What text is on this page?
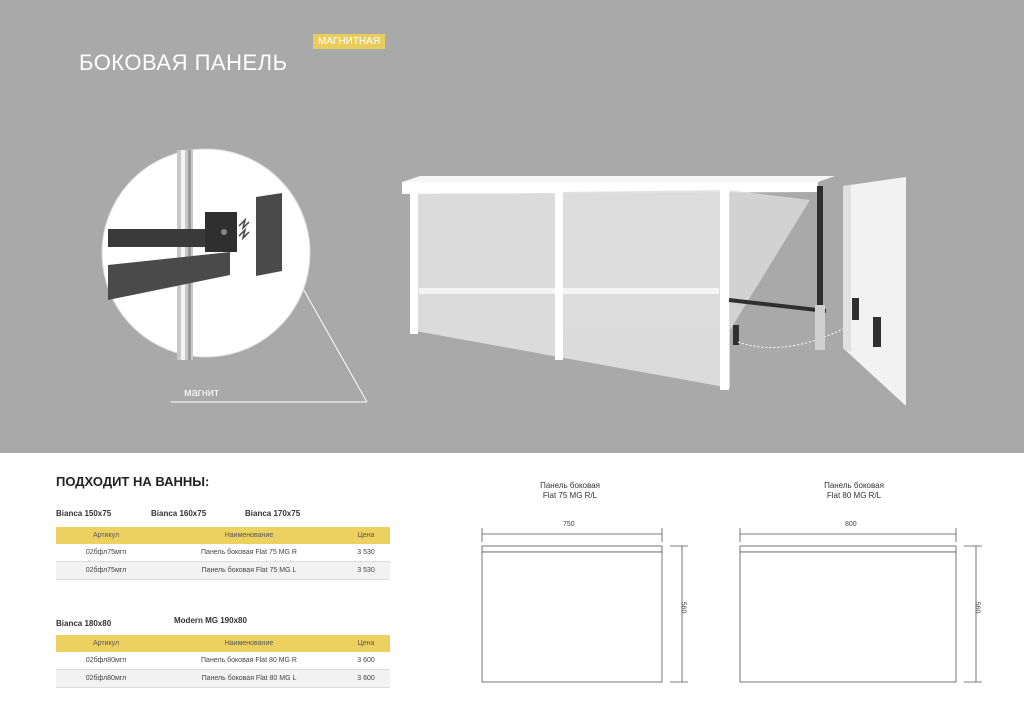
МАГНИТНАЯ
БОКОВАЯ ПАНЕЛЬ
магнит
ПОДХОДИТ НА ВАННЫ:
Bianca 150x75	Bianca 160x75	Bianca 170x75
Артикул	Наименование	Цена
02бфл75мгп	Панель боковая Flat 75 MG R	3 530
02бфл75мгл	Панель боковая Flat 75 MG L	3 530
Bianca 180x80	Modern MG 190x80
Артикул	Наименование	Цена
02бфл80мгп	Панель боковая Flat 80 MG R	3 600
02бфл80мгл	Панель боковая Flat 80 MG L	3 600
Панель боковая
Flat 75 MG R/L
750
560
Панель боковая
Flat 80 MG R/L
800
560
